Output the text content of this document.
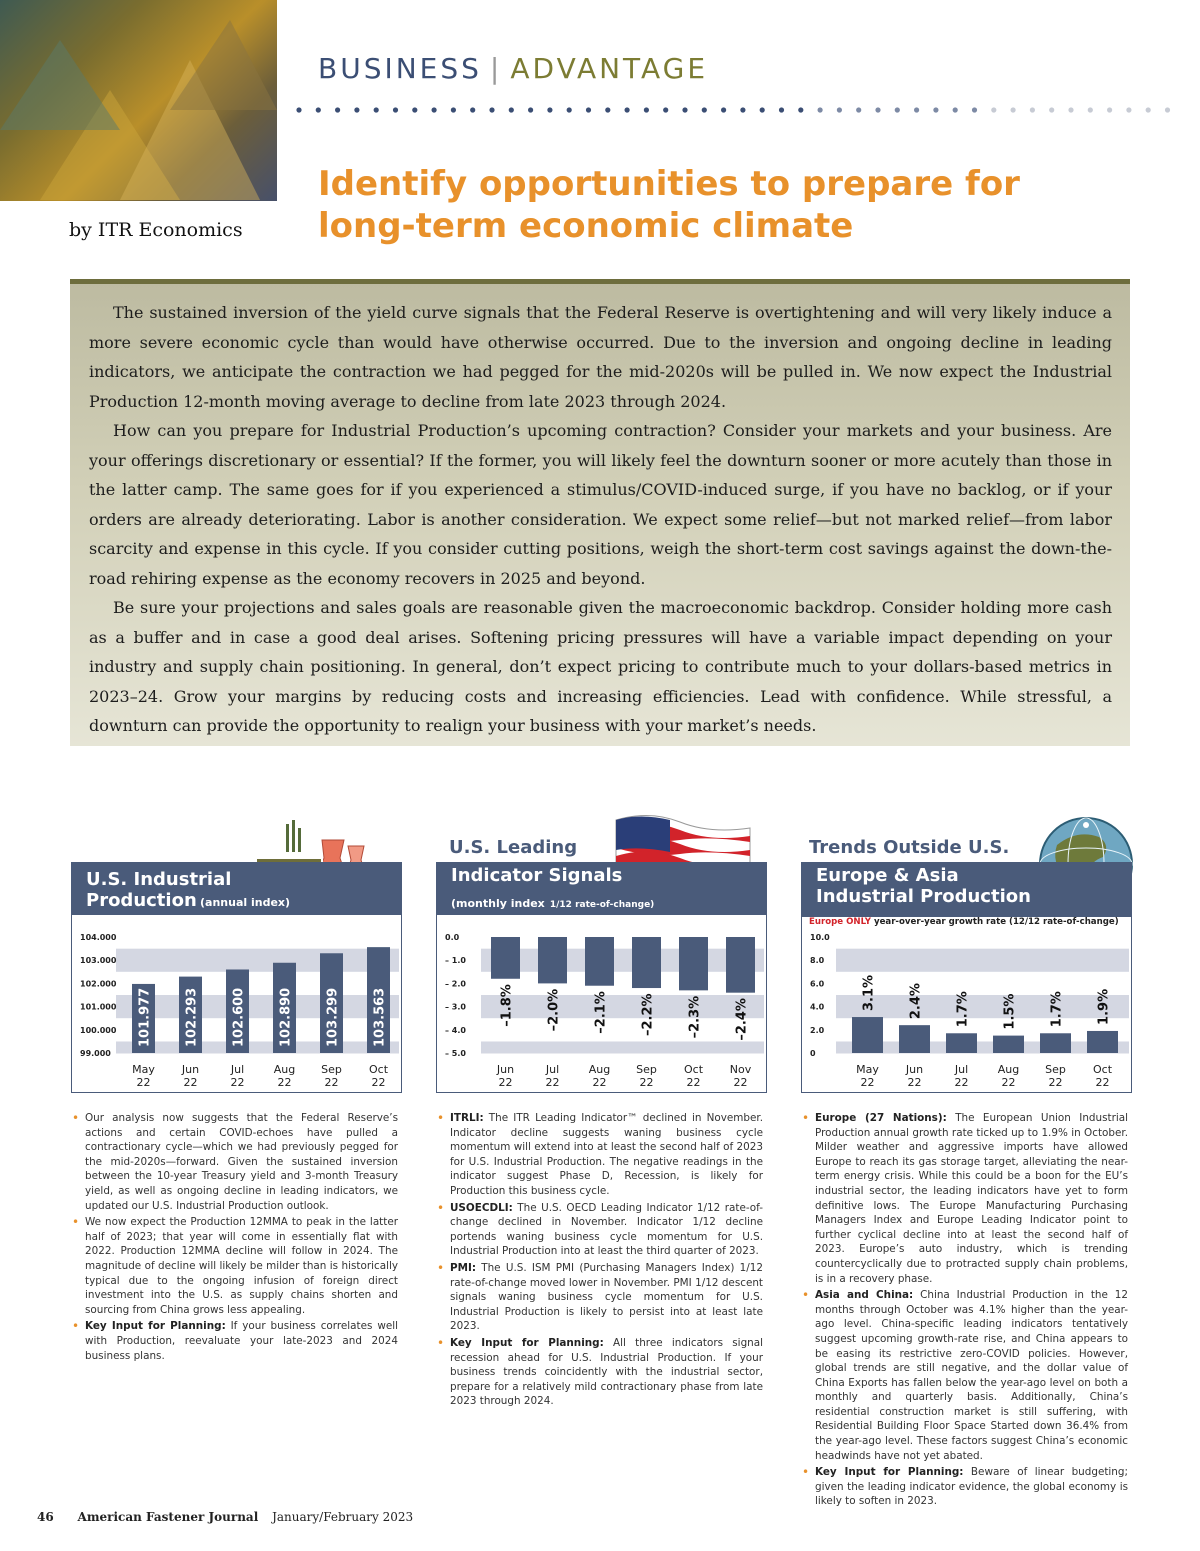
BUSINESS | ADVANTAGE
by ITR Economics
Identify opportunities to prepare for long-term economic climate

The sustained inversion of the yield curve signals that the Federal Reserve is overtightening and will very likely induce a more severe economic cycle than would have otherwise occurred. Due to the inversion and ongoing decline in leading indicators, we anticipate the contraction we had pegged for the mid-2020s will be pulled in. We now expect the Industrial Production 12-month moving average to decline from late 2023 through 2024.

How can you prepare for Industrial Production’s upcoming contraction? Consider your markets and your business. Are your offerings discretionary or essential? If the former, you will likely feel the downturn sooner or more acutely than those in the latter camp. The same goes for if you experienced a stimulus/COVID-induced surge, if you have no backlog, or if your orders are already deteriorating. Labor is another consideration. We expect some relief—but not marked relief—from labor scarcity and expense in this cycle. If you consider cutting positions, weigh the short-term cost savings against the down-the-road rehiring expense as the economy recovers in 2025 and beyond.

Be sure your projections and sales goals are reasonable given the macroeconomic backdrop. Consider holding more cash as a buffer and in case a good deal arises. Softening pricing pressures will have a variable impact depending on your industry and supply chain positioning. In general, don’t expect pricing to contribute much to your dollars-based metrics in 2023–24. Grow your margins by reducing costs and increasing efficiencies. Lead with confidence. While stressful, a downturn can provide the opportunity to realign your business with your market’s needs.

U.S. Leading	Trends Outside U.S.
U.S. Industrial Production (annual index)
104.000
103.000
102.000
101.000
100.000
99.000
101.977
May
22
102.293
Jun
22
102.600
Jul
22
102.890
Aug
22
103.299
Sep
22
103.563
Oct
22
Indicator Signals
(monthly index 1/12 rate-of-change)
0.0
– 1.0
– 2.0
– 3.0
– 4.0
– 5.0
–1.8%
Jun
22
–2.0%
Jul
22
–2.1%
Aug
22
–2.2%
Sep
22
–2.3%
Oct
22
–2.4%
Nov
22
Europe & Asia
Industrial Production
Europe ONLY year-over-year growth rate (12/12 rate-of-change)
10.0
8.0
6.0
4.0
2.0
0
3.1%
May
22
2.4%
Jun
22
1.7%
Jul
22
1.5%
Aug
22
1.7%
Sep
22
1.9%
Oct
22
• Our analysis now suggests that the Federal Reserve’s actions and certain COVID-echoes have pulled a contractionary cycle—which we had previously pegged for the mid-2020s—forward. Given the sustained inversion between the 10-year Treasury yield and 3-month Treasury yield, as well as ongoing decline in leading indicators, we updated our U.S. Industrial Production outlook.
• We now expect the Production 12MMA to peak in the latter half of 2023; that year will come in essentially flat with 2022. Production 12MMA decline will follow in 2024. The magnitude of decline will likely be milder than is historically typical due to the ongoing infusion of foreign direct investment into the U.S. as supply chains shorten and sourcing from China grows less appealing.
• Key Input for Planning: If your business correlates well with Production, reevaluate your late-2023 and 2024 business plans.
• ITRLI: The ITR Leading Indicator™ declined in November. Indicator decline suggests waning business cycle momentum will extend into at least the second half of 2023 for U.S. Industrial Production. The negative readings in the indicator suggest Phase D, Recession, is likely for Production this business cycle.
• USOECDLI: The U.S. OECD Leading Indicator 1/12 rate-of-change declined in November. Indicator 1/12 decline portends waning business cycle momentum for U.S. Industrial Production into at least the third quarter of 2023.
• PMI: The U.S. ISM PMI (Purchasing Managers Index) 1/12 rate-of-change moved lower in November. PMI 1/12 descent signals waning business cycle momentum for U.S. Industrial Production is likely to persist into at least late 2023.
• Key Input for Planning: All three indicators signal recession ahead for U.S. Industrial Production. If your business trends coincidently with the industrial sector, prepare for a relatively mild contractionary phase from late 2023 through 2024.
• Europe (27 Nations): The European Union Industrial Production annual growth rate ticked up to 1.9% in October. Milder weather and aggressive imports have allowed Europe to reach its gas storage target, alleviating the near-term energy crisis. While this could be a boon for the EU’s industrial sector, the leading indicators have yet to form definitive lows. The Europe Manufacturing Purchasing Managers Index and Europe Leading Indicator point to further cyclical decline into at least the second half of 2023. Europe’s auto industry, which is trending countercyclically due to protracted supply chain problems, is in a recovery phase.
• Asia and China: China Industrial Production in the 12 months through October was 4.1% higher than the year-ago level. China-specific leading indicators tentatively suggest upcoming growth-rate rise, and China appears to be easing its restrictive zero-COVID policies. However, global trends are still negative, and the dollar value of China Exports has fallen below the year-ago level on both a monthly and quarterly basis. Additionally, China’s residential construction market is still suffering, with Residential Building Floor Space Started down 36.4% from the year-ago level. These factors suggest China’s economic headwinds have not yet abated.
• Key Input for Planning: Beware of linear budgeting; given the leading indicator evidence, the global economy is likely to soften in 2023.
46 American Fastener Journal January/February 2023
